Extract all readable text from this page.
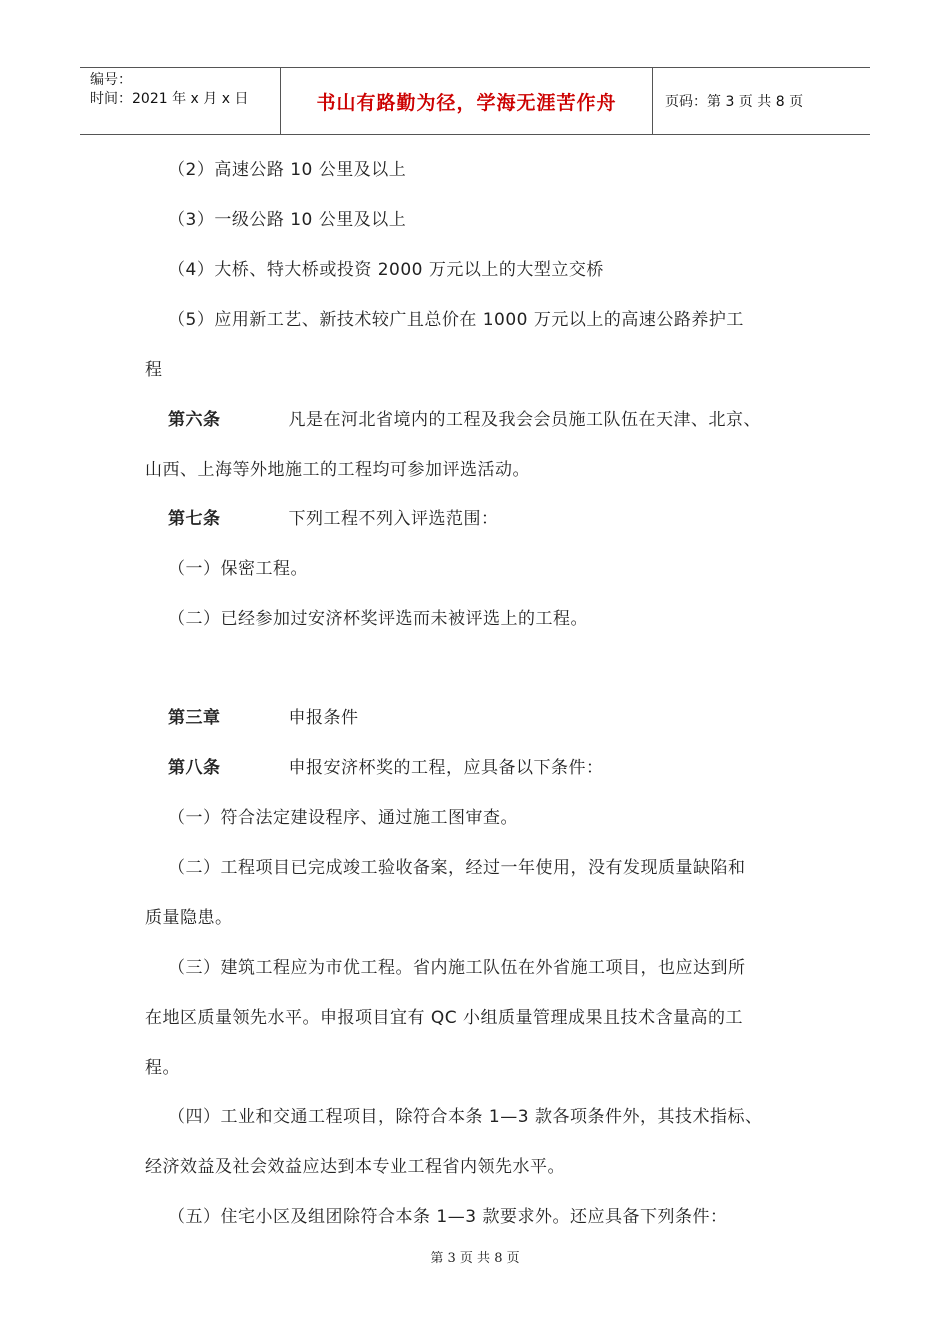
编号：
时间：2021 年 x 月 x 日	书山有路勤为径，学海无涯苦作舟	页码：第 3 页 共 8 页
（2）高速公路 10 公里及以上
（3）一级公路 10 公里及以上
（4）大桥、特大桥或投资 2000 万元以上的大型立交桥
（5）应用新工艺、新技术较广且总价在 1000 万元以上的高速公路养护工
程
第六条	凡是在河北省境内的工程及我会会员施工队伍在天津、北京、
山西、上海等外地施工的工程均可参加评选活动。
第七条	下列工程不列入评选范围：
（一）保密工程。
（二）已经参加过安济杯奖评选而未被评选上的工程。
第三章	申报条件
第八条	申报安济杯奖的工程，应具备以下条件：
（一）符合法定建设程序、通过施工图审查。
（二）工程项目已完成竣工验收备案，经过一年使用，没有发现质量缺陷和
质量隐患。
（三）建筑工程应为市优工程。省内施工队伍在外省施工项目，也应达到所
在地区质量领先水平。申报项目宜有 QC 小组质量管理成果且技术含量高的工
程。
（四）工业和交通工程项目，除符合本条 1—3 款各项条件外，其技术指标、
经济效益及社会效益应达到本专业工程省内领先水平。
（五）住宅小区及组团除符合本条 1—3 款要求外。还应具备下列条件：
第 3 页 共 8 页
